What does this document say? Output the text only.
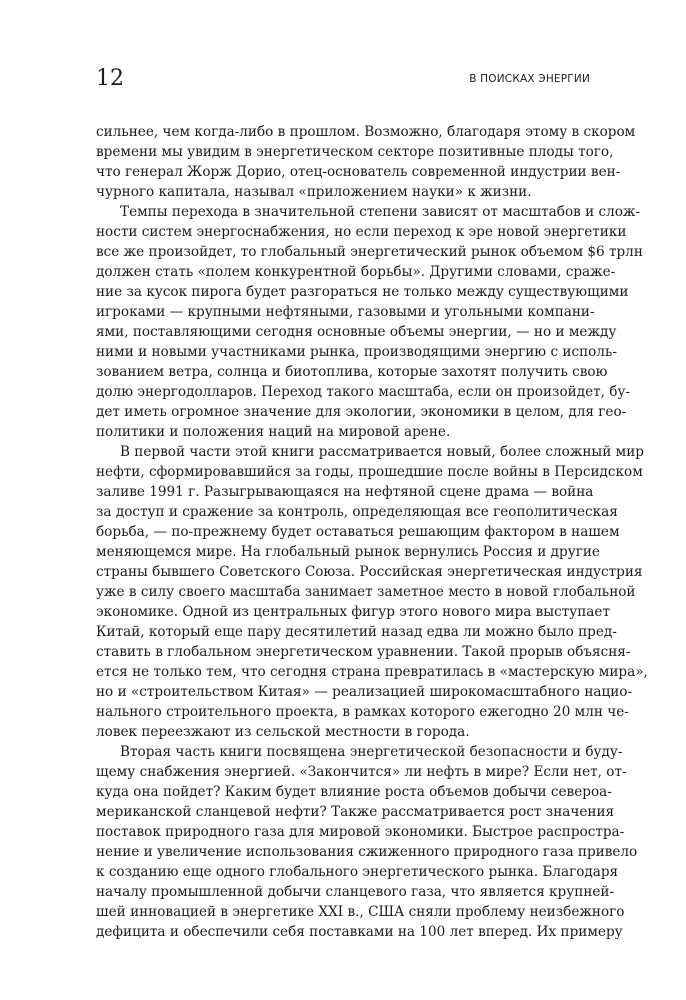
12	В ПОИСКАХ ЭНЕРГИИ
сильнее, чем когда-либо в прошлом. Возможно, благодаря этому в скором
времени мы увидим в энергетическом секторе позитивные плоды того,
что генерал Жорж Дорио, отец-основатель современной индустрии вен-
чурного капитала, называл «приложением науки» к жизни.
Темпы перехода в значительной степени зависят от масштабов и слож-
ности систем энергоснабжения, но если переход к эре новой энергетики
все же произойдет, то глобальный энергетический рынок объемом $6 трлн
должен стать «полем конкурентной борьбы». Другими словами, сраже-
ние за кусок пирога будет разгораться не только между существующими
игроками — крупными нефтяными, газовыми и угольными компани-
ями, поставляющими сегодня основные объемы энергии, — но и между
ними и новыми участниками рынка, производящими энергию с исполь-
зованием ветра, солнца и биотоплива, которые захотят получить свою
долю энергодолларов. Переход такого масштаба, если он произойдет, бу-
дет иметь огромное значение для экологии, экономики в целом, для гео-
политики и положения наций на мировой арене.
В первой части этой книги рассматривается новый, более сложный мир
нефти, сформировавшийся за годы, прошедшие после войны в Персидском
заливе 1991 г. Разыгрывающаяся на нефтяной сцене драма — война
за доступ и сражение за контроль, определяющая все геополитическая
борьба, — по-прежнему будет оставаться решающим фактором в нашем
меняющемся мире. На глобальный рынок вернулись Россия и другие
страны бывшего Советского Союза. Российская энергетическая индустрия
уже в силу своего масштаба занимает заметное место в новой глобальной
экономике. Одной из центральных фигур этого нового мира выступает
Китай, который еще пару десятилетий назад едва ли можно было пред-
ставить в глобальном энергетическом уравнении. Такой прорыв объясня-
ется не только тем, что сегодня страна превратилась в «мастерскую мира»,
но и «строительством Китая» — реализацией широкомасштабного нацио-
нального строительного проекта, в рамках которого ежегодно 20 млн че-
ловек переезжают из сельской местности в города.
Вторая часть книги посвящена энергетической безопасности и буду-
щему снабжения энергией. «Закончится» ли нефть в мире? Если нет, от-
куда она пойдет? Каким будет влияние роста объемов добычи североа-
мериканской сланцевой нефти? Также рассматривается рост значения
поставок природного газа для мировой экономики. Быстрое распростра-
нение и увеличение использования сжиженного природного газа привело
к созданию еще одного глобального энергетического рынка. Благодаря
началу промышленной добычи сланцевого газа, что является крупней-
шей инновацией в энергетике XXI в., США сняли проблему неизбежного
дефицита и обеспечили себя поставками на 100 лет вперед. Их примеру
